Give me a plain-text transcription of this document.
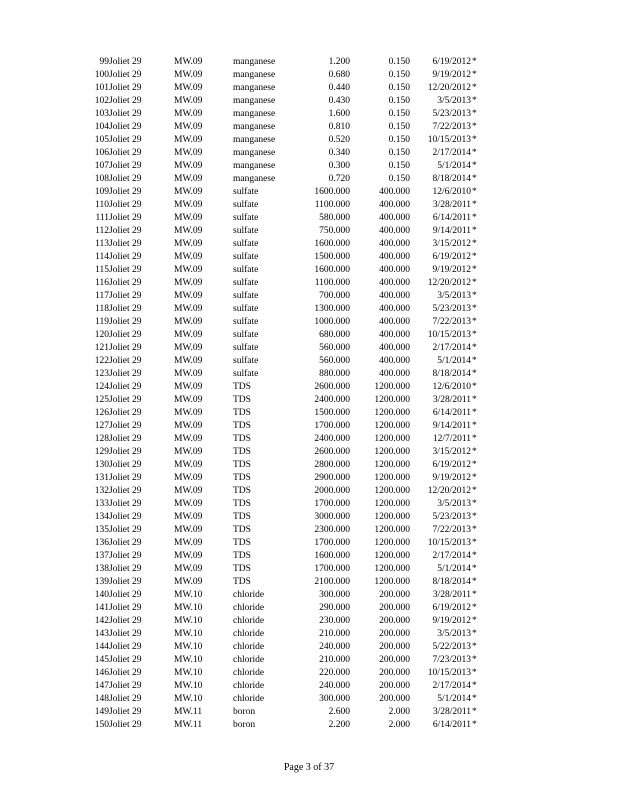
99 Joliet 29	MW.09	manganese	1.200	0.150	6/19/2012 *
100 Joliet 29	MW.09	manganese	0.680	0.150	9/19/2012 *
101 Joliet 29	MW.09	manganese	0.440	0.150	12/20/2012 *
102 Joliet 29	MW.09	manganese	0.430	0.150	3/5/2013 *
103 Joliet 29	MW.09	manganese	1.600	0.150	5/23/2013 *
104 Joliet 29	MW.09	manganese	0.810	0.150	7/22/2013 *
105 Joliet 29	MW.09	manganese	0.520	0.150	10/15/2013 *
106 Joliet 29	MW.09	manganese	0.340	0.150	2/17/2014 *
107 Joliet 29	MW.09	manganese	0.300	0.150	5/1/2014 *
108 Joliet 29	MW.09	manganese	0.720	0.150	8/18/2014 *
109 Joliet 29	MW.09	sulfate	1600.000	400.000	12/6/2010 *
110 Joliet 29	MW.09	sulfate	1100.000	400.000	3/28/2011 *
111 Joliet 29	MW.09	sulfate	580.000	400.000	6/14/2011 *
112 Joliet 29	MW.09	sulfate	750.000	400.000	9/14/2011 *
113 Joliet 29	MW.09	sulfate	1600.000	400.000	3/15/2012 *
114 Joliet 29	MW.09	sulfate	1500.000	400.000	6/19/2012 *
115 Joliet 29	MW.09	sulfate	1600.000	400.000	9/19/2012 *
116 Joliet 29	MW.09	sulfate	1100.000	400.000	12/20/2012 *
117 Joliet 29	MW.09	sulfate	700.000	400.000	3/5/2013 *
118 Joliet 29	MW.09	sulfate	1300.000	400.000	5/23/2013 *
119 Joliet 29	MW.09	sulfate	1000.000	400.000	7/22/2013 *
120 Joliet 29	MW.09	sulfate	680.000	400.000	10/15/2013 *
121 Joliet 29	MW.09	sulfate	560.000	400.000	2/17/2014 *
122 Joliet 29	MW.09	sulfate	560.000	400.000	5/1/2014 *
123 Joliet 29	MW.09	sulfate	880.000	400.000	8/18/2014 *
124 Joliet 29	MW.09	TDS	2600.000	1200.000	12/6/2010 *
125 Joliet 29	MW.09	TDS	2400.000	1200.000	3/28/2011 *
126 Joliet 29	MW.09	TDS	1500.000	1200.000	6/14/2011 *
127 Joliet 29	MW.09	TDS	1700.000	1200.000	9/14/2011 *
128 Joliet 29	MW.09	TDS	2400.000	1200.000	12/7/2011 *
129 Joliet 29	MW.09	TDS	2600.000	1200.000	3/15/2012 *
130 Joliet 29	MW.09	TDS	2800.000	1200.000	6/19/2012 *
131 Joliet 29	MW.09	TDS	2900.000	1200.000	9/19/2012 *
132 Joliet 29	MW.09	TDS	2000.000	1200.000	12/20/2012 *
133 Joliet 29	MW.09	TDS	1700.000	1200.000	3/5/2013 *
134 Joliet 29	MW.09	TDS	3000.000	1200.000	5/23/2013 *
135 Joliet 29	MW.09	TDS	2300.000	1200.000	7/22/2013 *
136 Joliet 29	MW.09	TDS	1700.000	1200.000	10/15/2013 *
137 Joliet 29	MW.09	TDS	1600.000	1200.000	2/17/2014 *
138 Joliet 29	MW.09	TDS	1700.000	1200.000	5/1/2014 *
139 Joliet 29	MW.09	TDS	2100.000	1200.000	8/18/2014 *
140 Joliet 29	MW.10	chloride	300.000	200.000	3/28/2011 *
141 Joliet 29	MW.10	chloride	290.000	200.000	6/19/2012 *
142 Joliet 29	MW.10	chloride	230.000	200.000	9/19/2012 *
143 Joliet 29	MW.10	chloride	210.000	200.000	3/5/2013 *
144 Joliet 29	MW.10	chloride	240.000	200.000	5/22/2013 *
145 Joliet 29	MW.10	chloride	210.000	200.000	7/23/2013 *
146 Joliet 29	MW.10	chloride	220.000	200.000	10/15/2013 *
147 Joliet 29	MW.10	chloride	240.000	200.000	2/17/2014 *
148 Joliet 29	MW.10	chloride	300.000	200.000	5/1/2014 *
149 Joliet 29	MW.11	boron	2.600	2.000	3/28/2011 *
150 Joliet 29	MW.11	boron	2.200	2.000	6/14/2011 *
Page 3 of 37
